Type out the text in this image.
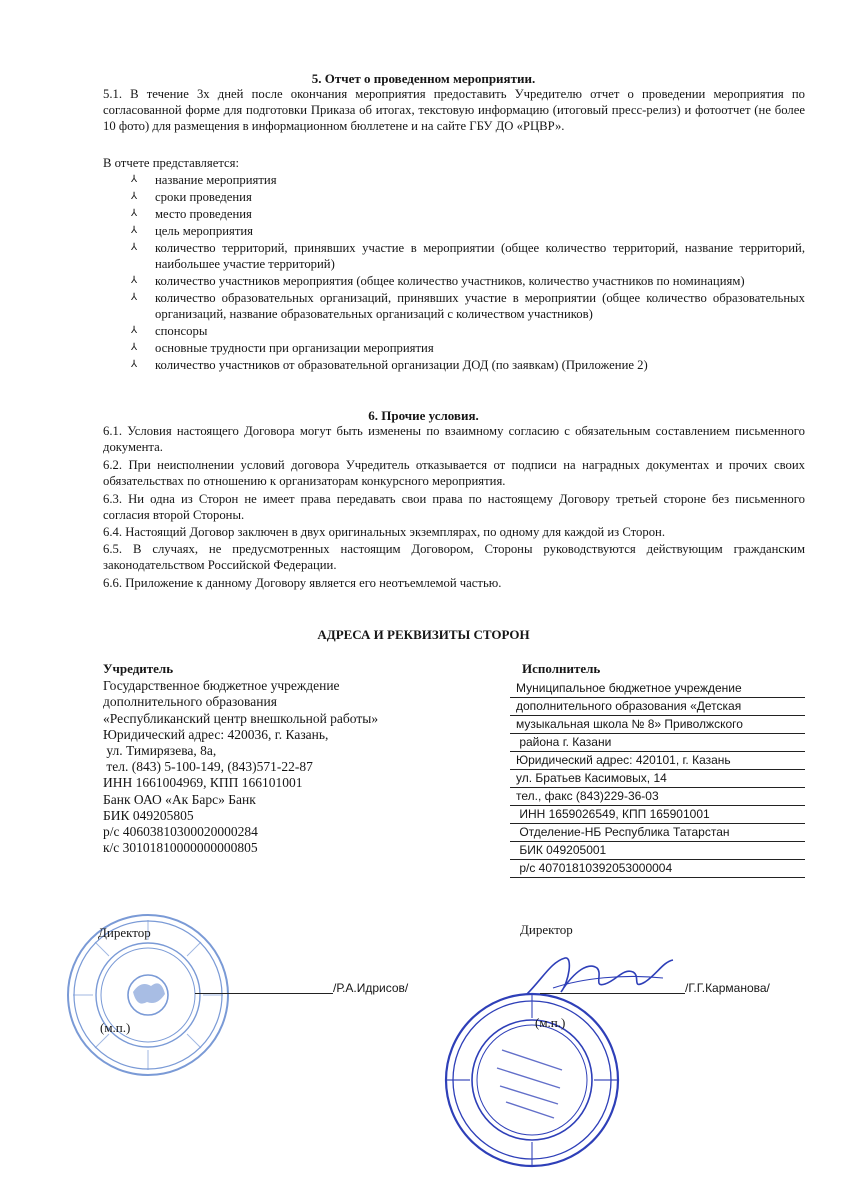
5. Отчет о проведенном мероприятии.
5.1. В течение 3х дней после окончания мероприятия предоставить Учредителю отчет о проведении мероприятия по согласованной форме для подготовки Приказа об итогах, текстовую информацию (итоговый пресс-релиз) и фотоотчет (не более 10 фото) для размещения в информационном бюллетене и на сайте ГБУ ДО «РЦВР».
В отчете представляется:
⅄ название мероприятия
⅄ сроки проведения
⅄ место проведения
⅄ цель мероприятия
⅄ количество территорий, принявших участие в мероприятии (общее количество территорий, название территорий, наибольшее участие территорий)
⅄ количество участников мероприятия (общее количество участников, количество участников по номинациям)
⅄ количество образовательных организаций, принявших участие в мероприятии (общее количество образовательных организаций, название образовательных организаций с количеством участников)
⅄ спонсоры
⅄ основные трудности при организации мероприятия
⅄ количество участников от образовательной организации ДОД (по заявкам) (Приложение 2)
6. Прочие условия.
6.1. Условия настоящего Договора могут быть изменены по взаимному согласию с обязательным составлением письменного документа.
6.2. При неисполнении условий договора Учредитель отказывается от подписи на наградных документах и прочих своих обязательствах по отношению к организаторам конкурсного мероприятия.
6.3. Ни одна из Сторон не имеет права передавать свои права по настоящему Договору третьей стороне без письменного согласия второй Стороны.
6.4. Настоящий Договор заключен в двух оригинальных экземплярах, по одному для каждой из Сторон.
6.5. В случаях, не предусмотренных настоящим Договором, Стороны руководствуются действующим гражданским законодательством Российской Федерации.
6.6. Приложение к данному Договору является его неотъемлемой частью.
АДРЕСА И РЕКВИЗИТЫ СТОРОН
Учредитель
Государственное бюджетное учреждение
дополнительного образования
«Республиканский центр внешкольной работы»
Юридический адрес: 420036, г. Казань,
ул. Тимирязева, 8а,
тел. (843) 5-100-149, (843)571-22-87
ИНН 1661004969, КПП 166101001
Банк ОАО «Ак Барс» Банк
БИК 049205805
р/с 40603810300020000284
к/с 30101810000000000805
Исполнитель
Муниципальное бюджетное учреждение
дополнительного образования «Детская
музыкальная школа № 8» Приволжского
района г. Казани
Юридический адрес: 420101, г. Казань
ул. Братьев Касимовых, 14
тел., факс (843)229-36-03
ИНН 1659026549, КПП 165901001
Отделение-НБ Республика Татарстан
БИК 049205001
р/с 40701810392053000004
Директор
/Р.А.Идрисов/
(м.п.)
Директор
/Г.Г.Карманова/
(м.п.)
